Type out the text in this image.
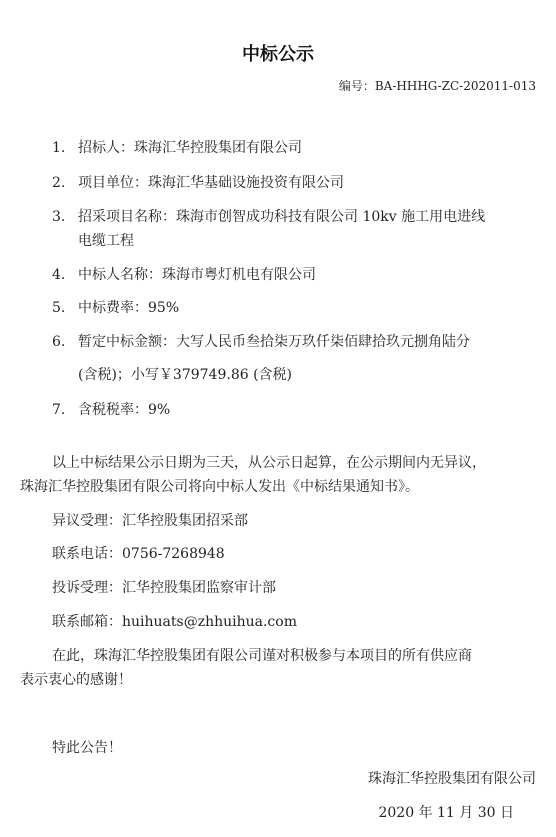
中标公示
编号：BA-HHHG-ZC-202011-013
1. 招标人：珠海汇华控股集团有限公司
2. 项目单位：珠海汇华基础设施投资有限公司
3. 招采项目名称：珠海市创智成功科技有限公司 10kv 施工用电进线
电缆工程
4. 中标人名称：珠海市粤灯机电有限公司
5. 中标费率：95%
6. 暂定中标金额：大写人民币叁拾柒万玖仟柒佰肆拾玖元捌角陆分
(含税)；小写￥379749.86 (含税)
7. 含税税率：9%
以上中标结果公示日期为三天，从公示日起算，在公示期间内无异议，
珠海汇华控股集团有限公司将向中标人发出《中标结果通知书》。
异议受理：汇华控股集团招采部
联系电话：0756-7268948
投诉受理：汇华控股集团监察审计部
联系邮箱：huihuats@zhhuihua.com
在此，珠海汇华控股集团有限公司谨对积极参与本项目的所有供应商
表示衷心的感谢！
特此公告！
珠海汇华控股集团有限公司
2020 年 11 月 30 日
